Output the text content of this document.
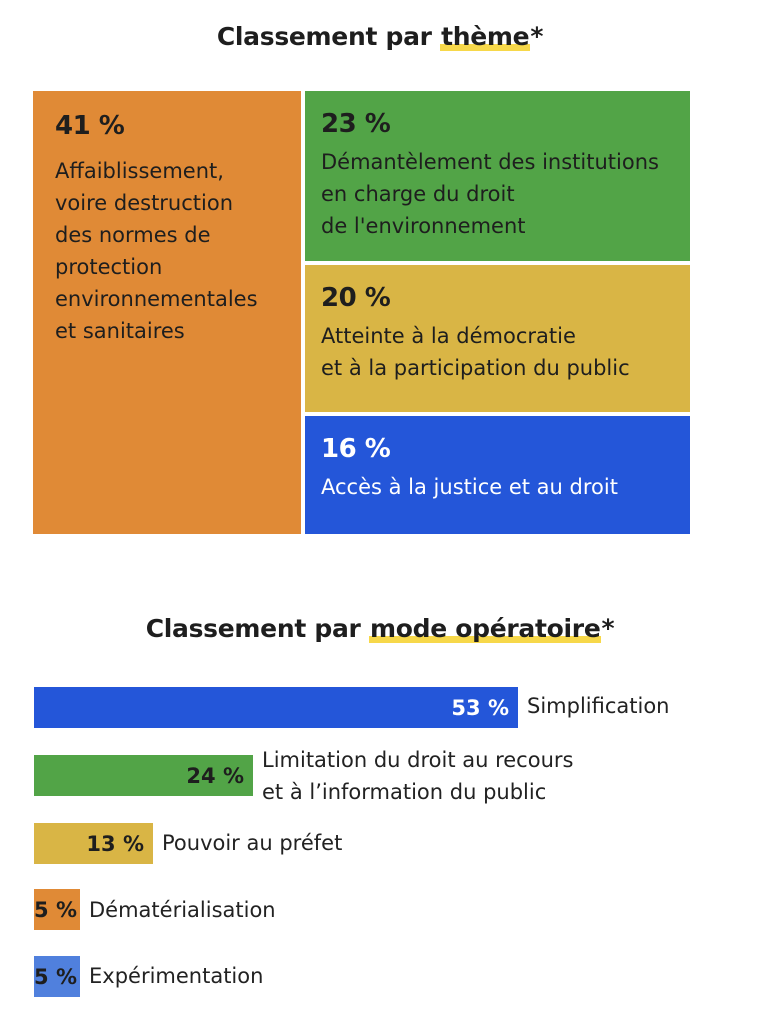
Classement par thème*
41 %
Affaiblissement,
voire destruction
des normes de
protection
environnementales
et sanitaires
23 %
Démantèlement des institutions
en charge du droit
de l'environnement
20 %
Atteinte à la démocratie
et à la participation du public
16 %
Accès à la justice et au droit
Classement par mode opératoire*
53 % Simplification
24 %
Limitation du droit au recours
et à l’information du public
13 % Pouvoir au préfet
5 % Dématérialisation
5 % Expérimentation
